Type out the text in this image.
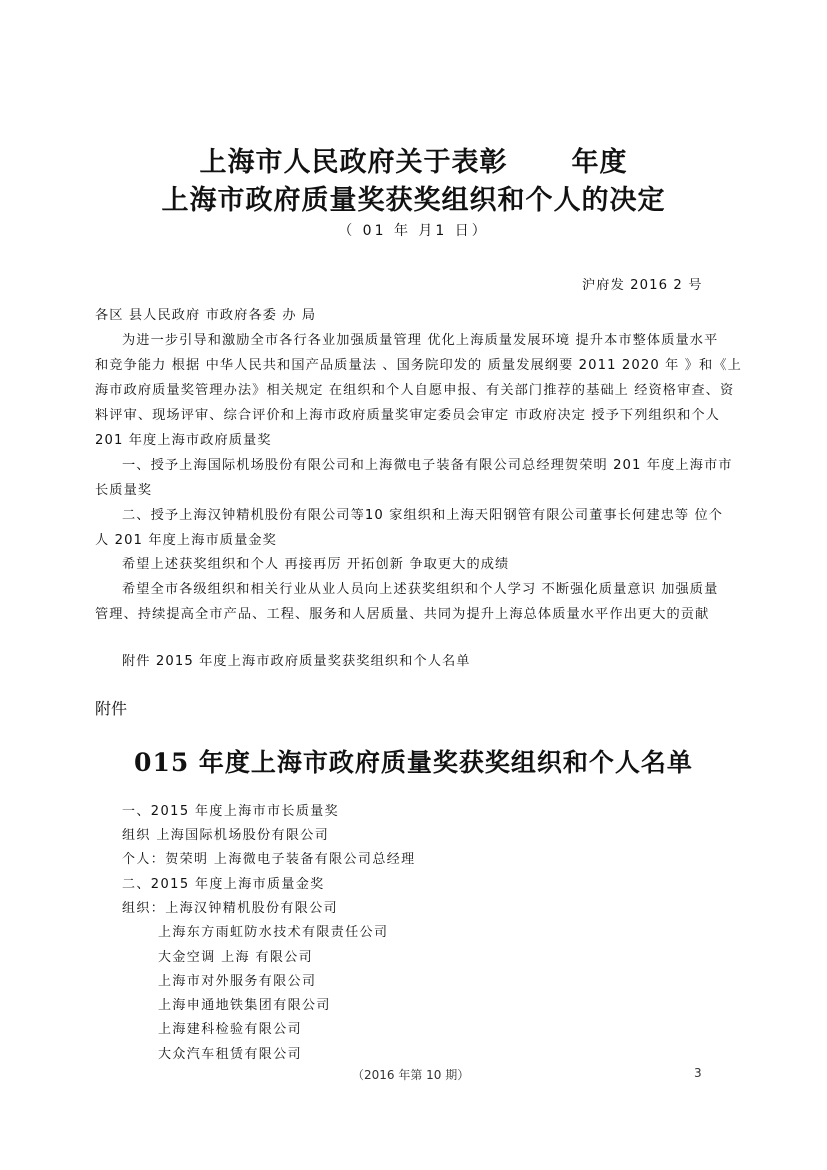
上海市人民政府关于表彰 年度
上海市政府质量奖获奖组织和个人的决定
（ 01 年 月1 日）
沪府发 2016 2 号
各区 县人民政府 市政府各委 办 局
为进一步引导和激励全市各行各业加强质量管理 优化上海质量发展环境 提升本市整体质量水平
和竞争能力 根据 中华人民共和国产品质量法 、国务院印发的 质量发展纲要 2011 2020 年 》和《上
海市政府质量奖管理办法》相关规定 在组织和个人自愿申报、有关部门推荐的基础上 经资格审查、资
料评审、现场评审、综合评价和上海市政府质量奖审定委员会审定 市政府决定 授予下列组织和个人
201 年度上海市政府质量奖
一、授予上海国际机场股份有限公司和上海微电子装备有限公司总经理贺荣明 201 年度上海市市
长质量奖
二、授予上海汉钟精机股份有限公司等10 家组织和上海天阳钢管有限公司董事长何建忠等 位个
人 201 年度上海市质量金奖
希望上述获奖组织和个人 再接再厉 开拓创新 争取更大的成绩
希望全市各级组织和相关行业从业人员向上述获奖组织和个人学习 不断强化质量意识 加强质量
管理、持续提高全市产品、工程、服务和人居质量、共同为提升上海总体质量水平作出更大的贡献
附件 2015 年度上海市政府质量奖获奖组织和个人名单
附件
015 年度上海市政府质量奖获奖组织和个人名单
一、2015 年度上海市市长质量奖
组织 上海国际机场股份有限公司
个人：贺荣明 上海微电子装备有限公司总经理
二、2015 年度上海市质量金奖
组织：上海汉钟精机股份有限公司
上海东方雨虹防水技术有限责任公司
大金空调 上海 有限公司
上海市对外服务有限公司
上海申通地铁集团有限公司
上海建科检验有限公司
大众汽车租赁有限公司
（2016 年第 10 期）	3
